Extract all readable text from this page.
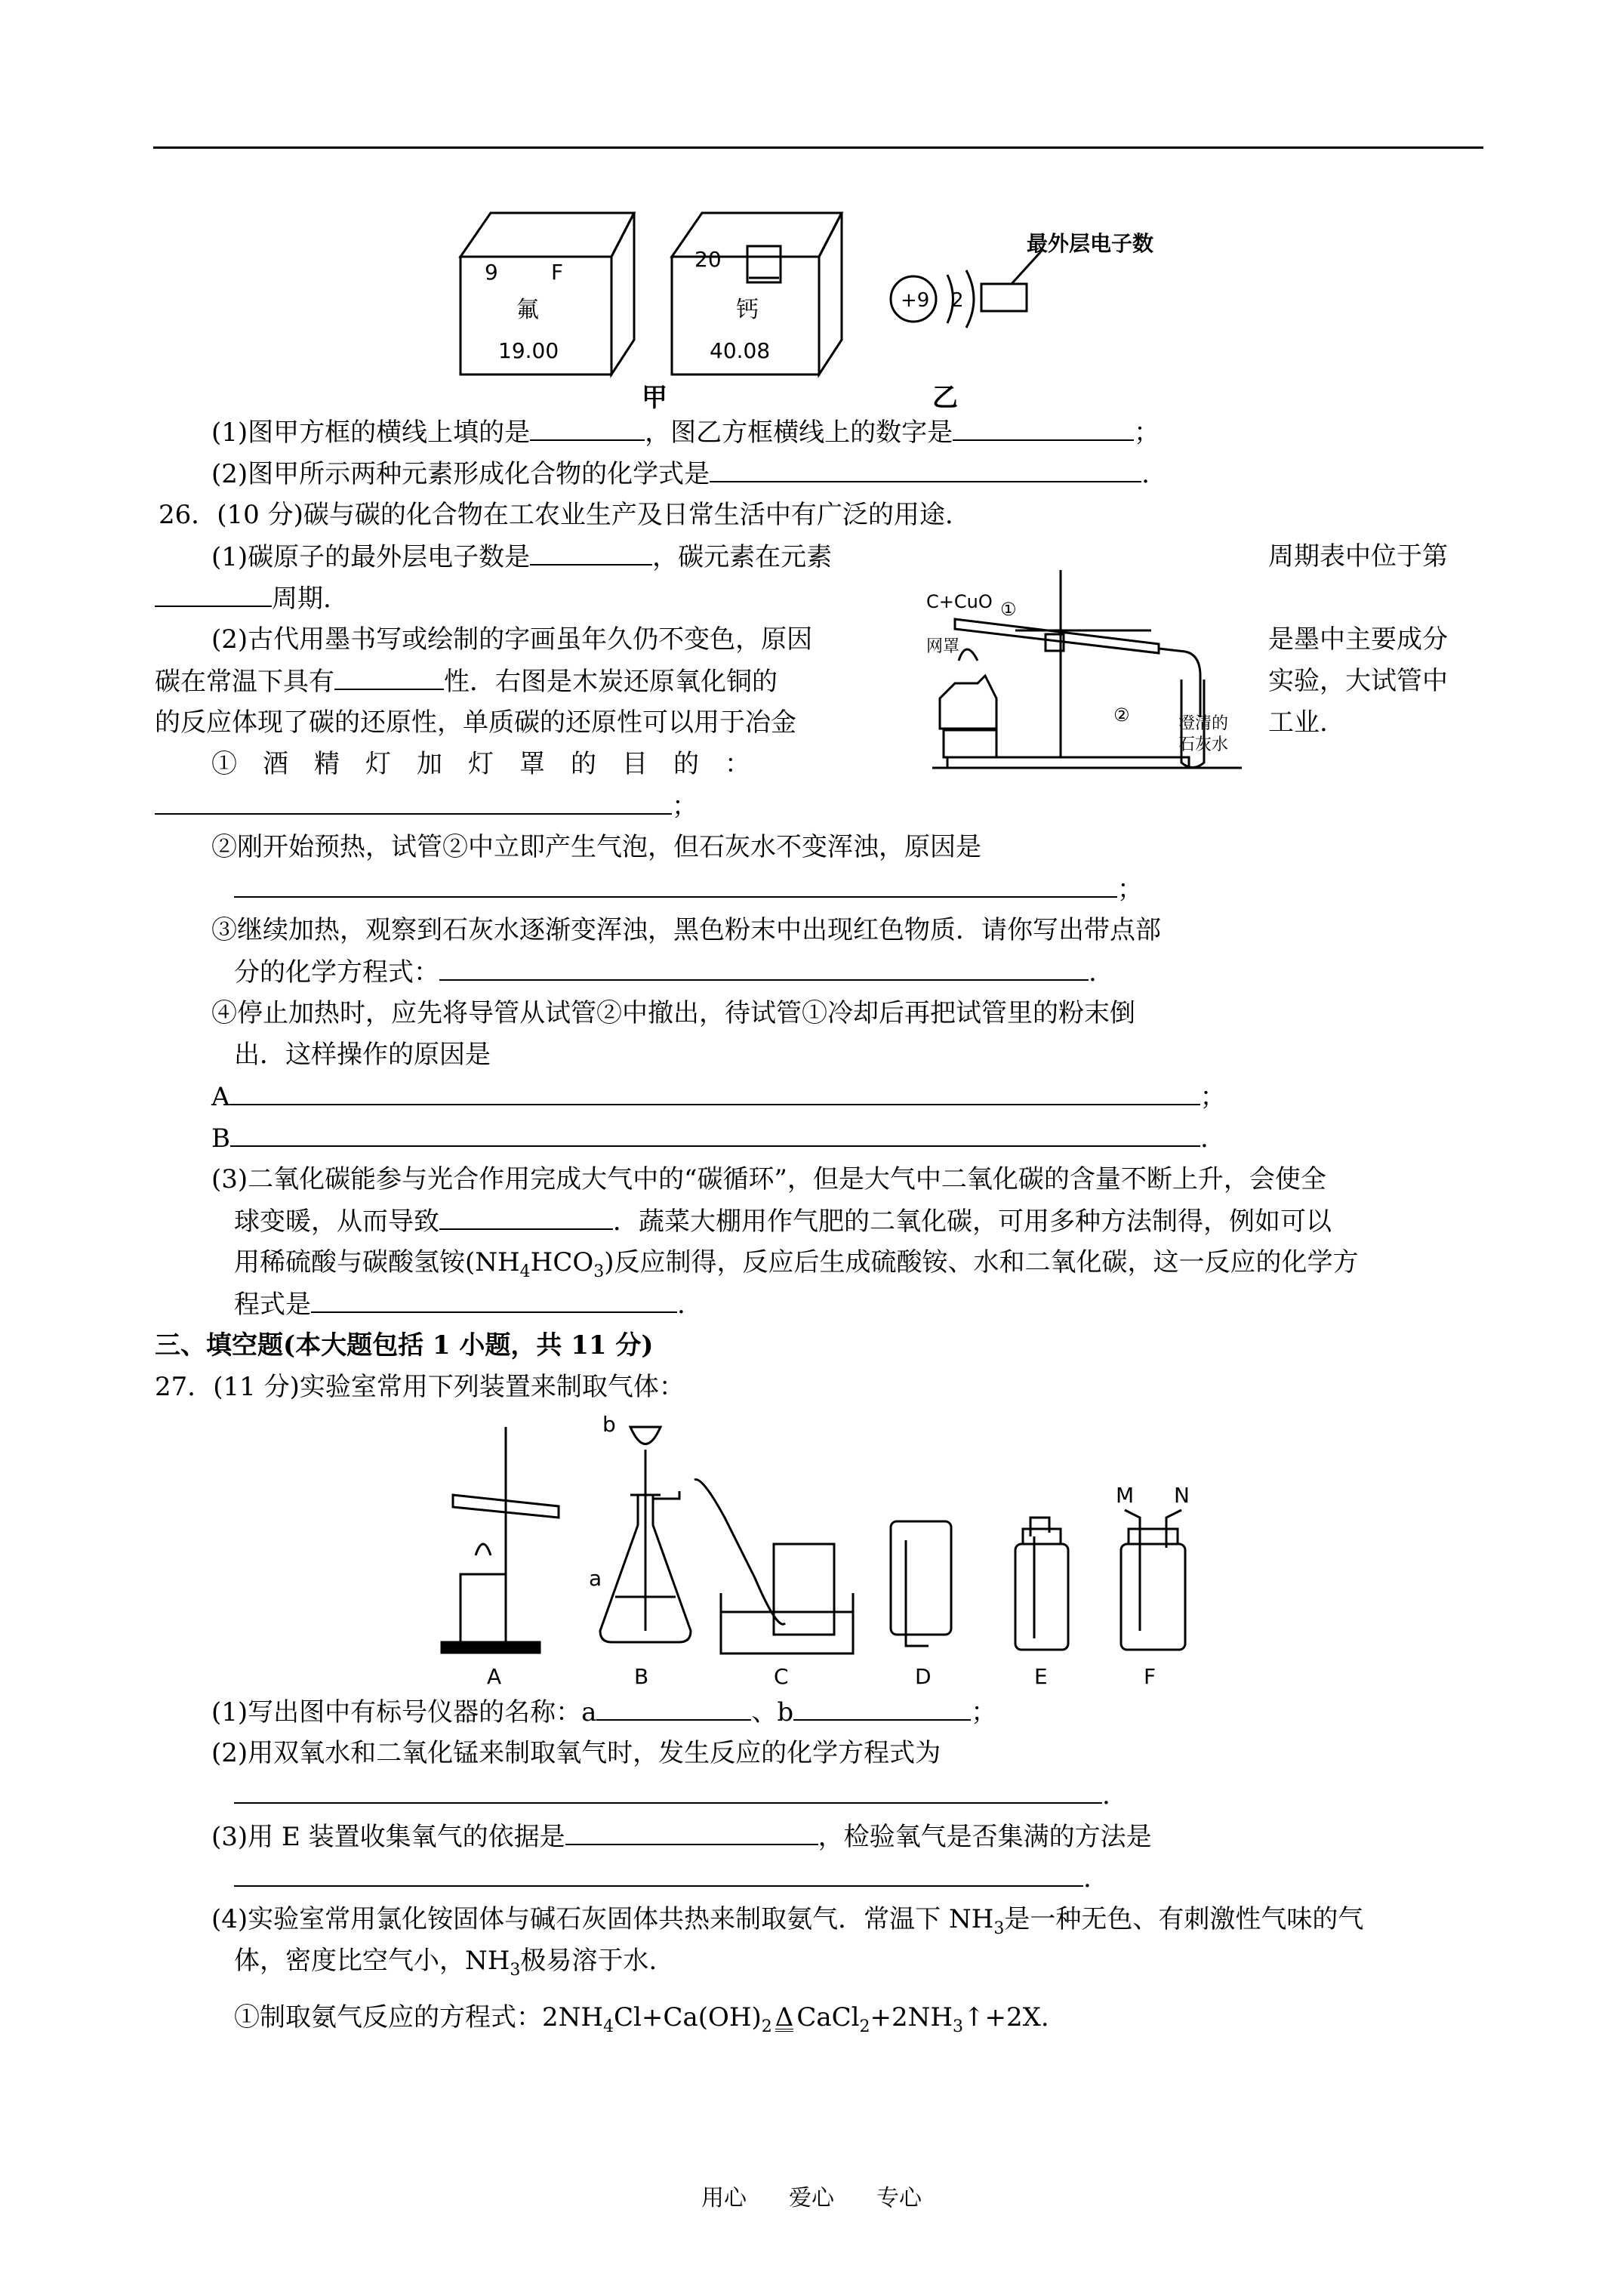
9	F
氟
19.00
20
钙
40.08
+9 2
最外层电子数
甲	乙
(1)图甲方框的横线上填的是	，图乙方框横线上的数字是	；
(2)图甲所示两种元素形成化合物的化学式是	.
26．(10 分)碳与碳的化合物在工农业生产及日常生活中有广泛的用途.
(1)碳原子的最外层电子数是	，碳元素在元素	周期表中位于第
周期.
(2)古代用墨书写或绘制的字画虽年久仍不变色，原因	是墨中主要成分
碳在常温下具有	性．右图是木炭还原氧化铜的	实验，大试管中
的反应体现了碳的还原性，单质碳的还原性可以用于冶金	工业.
C+CuO ①
网罩
②	澄清的
石灰水
①　酒　精　灯　加　灯　罩　的　目　的　：
；
②刚开始预热，试管②中立即产生气泡，但石灰水不变浑浊，原因是
；
③继续加热，观察到石灰水逐渐变浑浊，黑色粉末中出现红色物质．请你写出带点部
分的化学方程式：	.
④停止加热时，应先将导管从试管②中撤出，待试管①冷却后再把试管里的粉末倒
出．这样操作的原因是
A	；
B	.
(3)二氧化碳能参与光合作用完成大气中的“碳循环”，但是大气中二氧化碳的含量不断上升，会使全
球变暖，从而导致	．蔬菜大棚用作气肥的二氧化碳，可用多种方法制得，例如可以
用稀硫酸与碳酸氢铵$(NH_4HCO_3)$反应制得，反应后生成硫酸铵、水和二氧化碳，这一反应的化学方
程式是	.
三、填空题(本大题包括 1 小题，共 11 分)
27．(11 分)实验室常用下列装置来制取气体：
b
a
M N
A	B	C	D	E	F
(1)写出图中有标号仪器的名称：a	、b	；
(2)用双氧水和二氧化锰来制取氧气时，发生反应的化学方程式为
.
(3)用 E 装置收集氧气的依据是	，检验氧气是否集满的方法是
.
(4)实验室常用氯化铵固体与碱石灰固体共热来制取氨气．常温下 $NH_3$是一种无色、有刺激性气味的气
体，密度比空气小，$NH_3$极易溶于水.
①制取氨气反应的方程式：$2NH_4Cl+Ca(OH)_2$ Δ $CaCl_2+2NH_3↑+2X$.
用心 爱心 专心
